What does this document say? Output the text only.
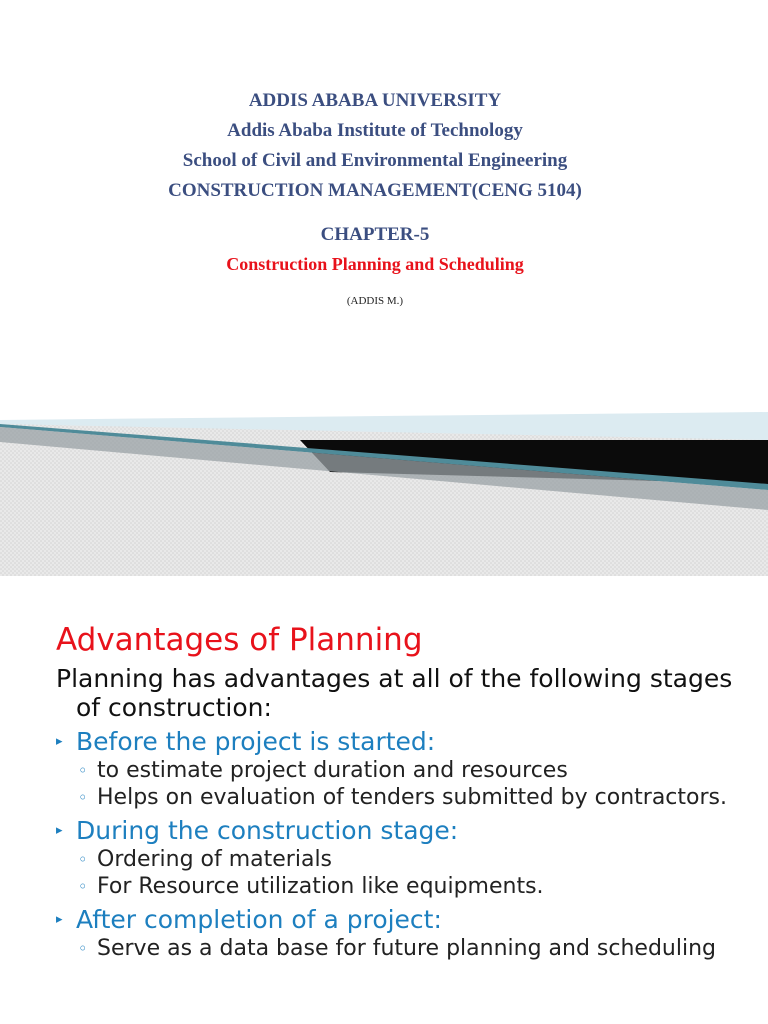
ADDIS ABABA UNIVERSITY
Addis Ababa Institute of Technology
School of Civil and Environmental Engineering
CONSTRUCTION MANAGEMENT(CENG 5104)
CHAPTER-5
Construction Planning and Scheduling
(ADDIS M.)
Advantages of Planning
Planning has advantages at all of the following stages of construction:
▸ Before the project is started:
◦ to estimate project duration and resources
◦ Helps on evaluation of tenders submitted by contractors.
▸ During the construction stage:
◦ Ordering of materials
◦ For Resource utilization like equipments.
▸ After completion of a project:
◦ Serve as a data base for future planning and scheduling
